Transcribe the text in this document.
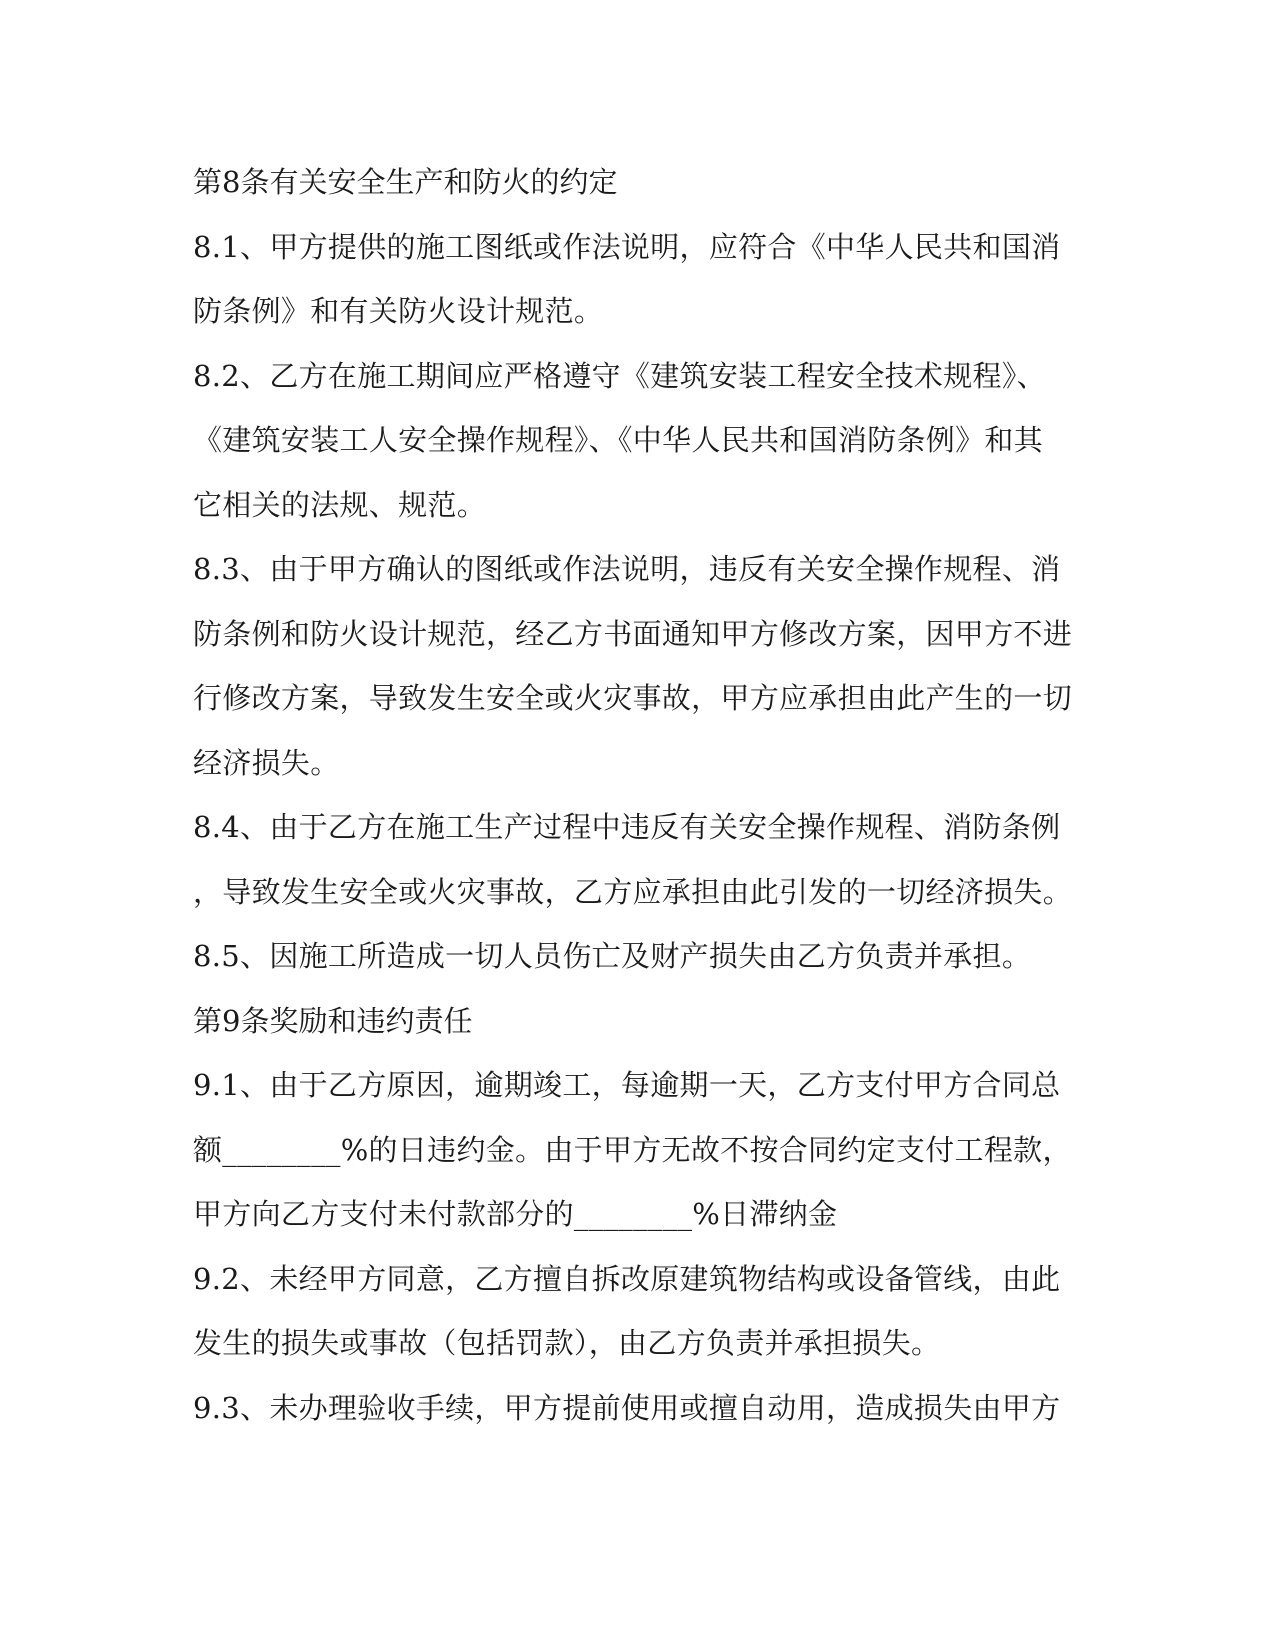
第8条有关安全生产和防火的约定
8.1、甲方提供的施工图纸或作法说明，应符合《中华人民共和国消
防条例》和有关防火设计规范。
8.2、乙方在施工期间应严格遵守《建筑安装工程安全技术规程》、
《建筑安装工人安全操作规程》、《中华人民共和国消防条例》和其
它相关的法规、规范。
8.3、由于甲方确认的图纸或作法说明，违反有关安全操作规程、消
防条例和防火设计规范，经乙方书面通知甲方修改方案，因甲方不进
行修改方案，导致发生安全或火灾事故，甲方应承担由此产生的一切
经济损失。
8.4、由于乙方在施工生产过程中违反有关安全操作规程、消防条例
，导致发生安全或火灾事故，乙方应承担由此引发的一切经济损失。
8.5、因施工所造成一切人员伤亡及财产损失由乙方负责并承担。
第9条奖励和违约责任
9.1、由于乙方原因，逾期竣工，每逾期一天，乙方支付甲方合同总
额________%的日违约金。由于甲方无故不按合同约定支付工程款，
甲方向乙方支付未付款部分的________%日滞纳金
9.2、未经甲方同意，乙方擅自拆改原建筑物结构或设备管线，由此
发生的损失或事故（包括罚款），由乙方负责并承担损失。
9.3、未办理验收手续，甲方提前使用或擅自动用，造成损失由甲方
